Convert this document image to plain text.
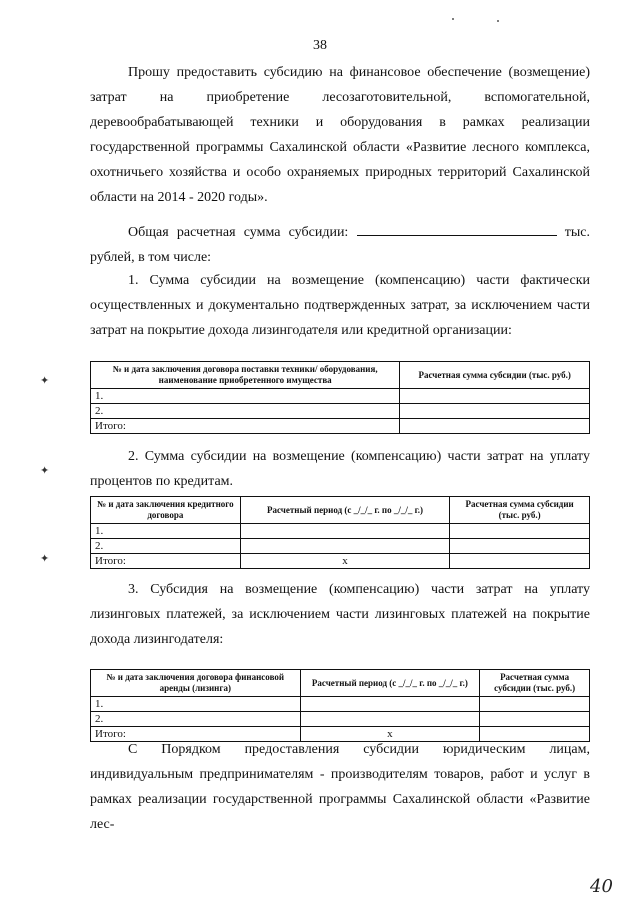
38

Прошу предоставить субсидию на финансовое обеспечение (возмещение) затрат на приобретение лесозаготовительной, вспомогательной, деревообрабатывающей техники и оборудования в рамках реализации государственной программы Сахалинской области «Развитие лесного комплекса, охотничьего хозяйства и особо охраняемых природных территорий Сахалинской области на 2014 - 2020 годы».

Общая расчетная сумма субсидии:	тыс. рублей, в том числе:

1. Сумма субсидии на возмещение (компенсацию) части фактически осуществленных и документально подтвержденных затрат, за исключением части затрат на покрытие дохода лизингодателя или кредитной организации:

№ и дата заключения договора поставки техники/ оборудования, наименование приобретенного имущества	Расчетная сумма субсидии (тыс. руб.)
1.	
2.	
Итого:	
✦
✦
✦

2. Сумма субсидии на возмещение (компенсацию) части затрат на уплату процентов по кредитам.

№ и дата заключения кредитного договора	Расчетный период (с _/_/_ г. по _/_/_ г.)	Расчетная сумма субсидии (тыс. руб.)
1.		
2.		
Итого:	x	

3. Субсидия на возмещение (компенсацию) части затрат на уплату лизинговых платежей, за исключением части лизинговых платежей на покрытие дохода лизингодателя:

№ и дата заключения договора финансовой аренды (лизинга)	Расчетный период (с _/_/_ г. по _/_/_ г.)	Расчетная сумма субсидии (тыс. руб.)
1.		
2.		
Итого:	x	

С Порядком предоставления субсидии юридическим лицам, индивидуальным предпринимателям - производителям товаров, работ и услуг в рамках реализации государственной программы Сахалинской области «Развитие лес-

40
